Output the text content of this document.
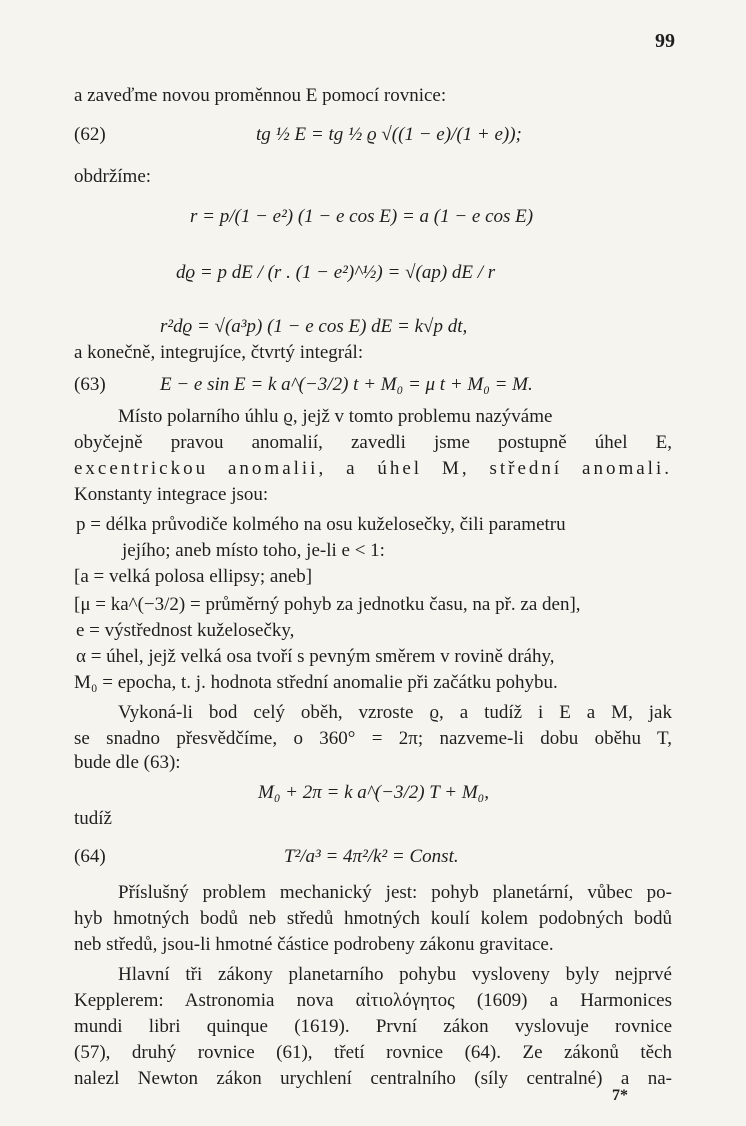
99
a zaveďme novou proměnnou E pomocí rovnice:
(62)	tg ½ E = tg ½ ϱ √((1 − e)/(1 + e));
obdržíme:
r = p/(1 − e²) (1 − e cos E) = a (1 − e cos E)
dϱ = p dE / (r . (1 − e²)^½) = √(ap) dE / r
r²dϱ = √(a³p) (1 − e cos E) dE = k√p dt,
a konečně, integrujíce, čtvrtý integrál:
(63)	E − e sin E = k a^(−3/2) t + M₀ = μ t + M₀ = M.
Místo polarního úhlu ϱ, jejž v tomto problemu nazýváme
obyčejně pravou anomalií, zavedli jsme postupně úhel E,
excentrickou anomalii, a úhel M, střední anomali.
Konstanty integrace jsou:
p = délka průvodiče kolmého na osu kuželosečky, čili parametru
jejího; aneb místo toho, je-li e < 1:
[a = velká polosa ellipsy; aneb]
[μ = ka^(−3/2) = průměrný pohyb za jednotku času, na př. za den],
e = výstřednost kuželosečky,
α = úhel, jejž velká osa tvoří s pevným směrem v rovině dráhy,
M₀ = epocha, t. j. hodnota střední anomalie při začátku pohybu.
Vykoná-li bod celý oběh, vzroste ϱ, a tudíž i E a M, jak
se snadno přesvědčíme, o 360° = 2π; nazveme-li dobu oběhu T,
bude dle (63):
M₀ + 2π = k a^(−3/2) T + M₀,
tudíž
(64)	T²/a³ = 4π²/k² = Const.
Příslušný problem mechanický jest: pohyb planetární, vůbec po-
hyb hmotných bodů neb středů hmotných koulí kolem podobných bodů
neb středů, jsou-li hmotné částice podrobeny zákonu gravitace.
Hlavní tři zákony planetarního pohybu vysloveny byly nejprvé
Kepplerem: Astronomia nova αἰτιολόγητος (1609) a Harmonices
mundi libri quinque (1619). První zákon vyslovuje rovnice
(57), druhý rovnice (61), třetí rovnice (64). Ze zákonů těch
nalezl Newton zákon urychlení centralního (síly centralné) a na-
7*
